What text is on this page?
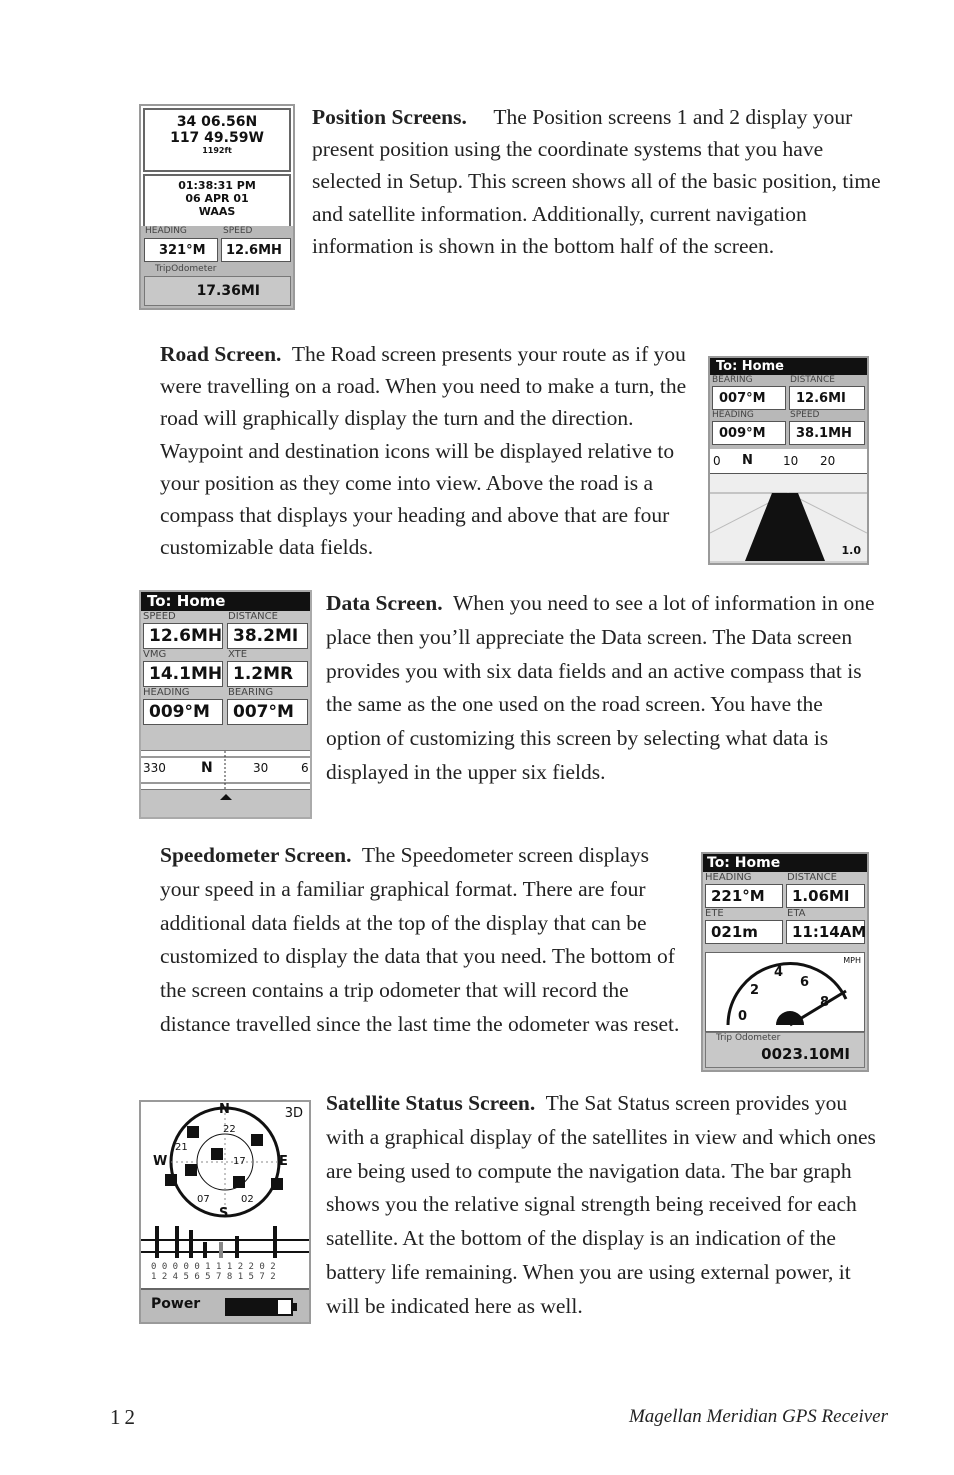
34 06.56N
117 49.59W
1192ft
01:38:31 PM
06 APR 01
WAAS
HEADING	SPEED
321°M	12.6MH
TripOdometer
17.36MI
Position Screens. The Position screens 1 and 2 display your present position using the coordinate systems that you have selected in Setup. This screen shows all of the basic position, time and satellite information. Additionally, current navigation information is shown in the bottom half of the screen.
Road Screen. The Road screen presents your route as if you were travelling on a road. When you need to make a turn, the road will graphically display the turn and the direction. Waypoint and destination icons will be displayed relative to your position as they come into view. Above the road is a compass that displays your heading and above that are four customizable data fields.
To: Home
BEARING	DISTANCE
007°M	12.6MI
HEADING	SPEED
009°M	38.1MH
0 N	10 20
1.0
To: Home
SPEED	DISTANCE
12.6MH 38.2MI
VMG	XTE
14.1MH 1.2MR
HEADING	BEARING
009°M	007°M
330	N	30	6
Data Screen. When you need to see a lot of information in one place then you’ll appreciate the Data screen. The Data screen provides you with six data fields and an active compass that is the same as the one used on the road screen. You have the option of customizing this screen by selecting what data is displayed in the upper six fields.
Speedometer Screen. The Speedometer screen displays your speed in a familiar graphical format. There are four additional data fields at the top of the display that can be customized to display the data that you need. The bottom of the screen contains a trip odometer that will record the distance travelled since the last time the odometer was reset.
To: Home
HEADING	DISTANCE
221°M	1.06MI
ETE	ETA
021m	11:14AM
MPH
0
2
4
6
8
Trip Odometer
0023.10MI
3D
N
S
E
W
22
21
17
07	02
0 0 0 0 0 1 1 1 2 2 0 2
1 2 4 5 6 5 7 8 1 5 7 2
Power
Satellite Status Screen. The Sat Status screen provides you with a graphical display of the satellites in view and which ones are being used to compute the navigation data. The bar graph shows you the relative signal strength being received for each satellite. At the bottom of the display is an indication of the battery life remaining. When you are using external power, it will be indicated here as well.
12	Magellan Meridian GPS Receiver
